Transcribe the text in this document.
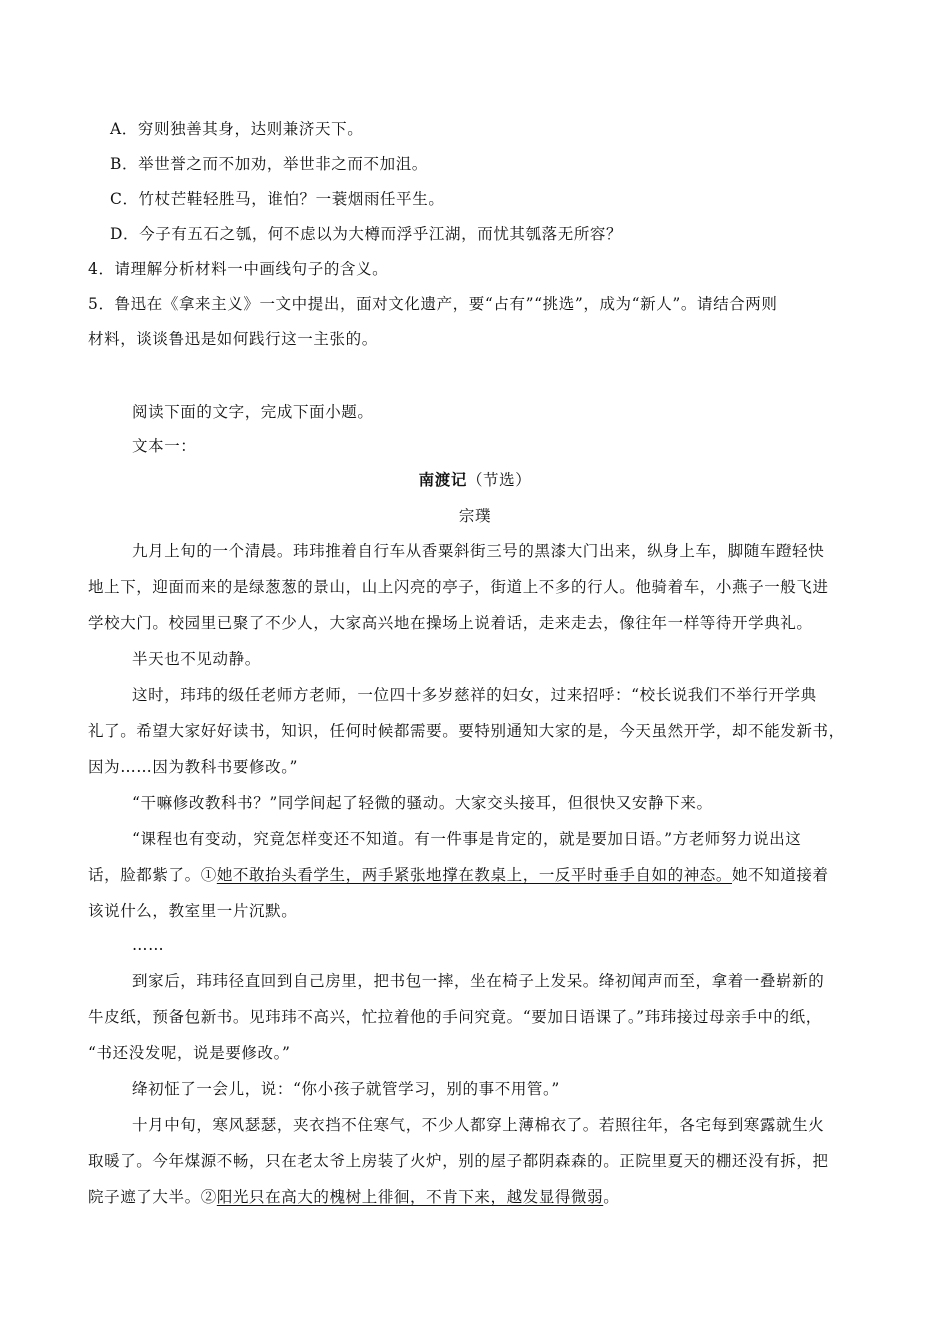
A．穷则独善其身，达则兼济天下。
B．举世誉之而不加劝，举世非之而不加沮。
C．竹杖芒鞋轻胜马，谁怕？一蓑烟雨任平生。
D．今子有五石之瓠，何不虑以为大樽而浮乎江湖，而忧其瓠落无所容？
4．请理解分析材料一中画线句子的含义。
5．鲁迅在《拿来主义》一文中提出，面对文化遗产，要“占有”“挑选”，成为“新人”。请结合两则
材料，谈谈鲁迅是如何践行这一主张的。
阅读下面的文字，完成下面小题。
文本一：
南渡记（节选）
宗璞
九月上旬的一个清晨。玮玮推着自行车从香粟斜街三号的黑漆大门出来，纵身上车，脚随车蹬轻快
地上下，迎面而来的是绿葱葱的景山，山上闪亮的亭子，街道上不多的行人。他骑着车，小燕子一般飞进
学校大门。校园里已聚了不少人，大家高兴地在操场上说着话，走来走去，像往年一样等待开学典礼。
半天也不见动静。
这时，玮玮的级任老师方老师，一位四十多岁慈祥的妇女，过来招呼：“校长说我们不举行开学典
礼了。希望大家好好读书，知识，任何时候都需要。要特别通知大家的是，今天虽然开学，却不能发新书，
因为……因为教科书要修改。”
“干嘛修改教科书？”同学间起了轻微的骚动。大家交头接耳，但很快又安静下来。
“课程也有变动，究竟怎样变还不知道。有一件事是肯定的，就是要加日语。”方老师努力说出这
话，脸都紫了。①她不敢抬头看学生，两手紧张地撑在教桌上，一反平时垂手自如的神态。她不知道接着
该说什么，教室里一片沉默。
……
到家后，玮玮径直回到自己房里，把书包一摔，坐在椅子上发呆。绛初闻声而至，拿着一叠崭新的
牛皮纸，预备包新书。见玮玮不高兴，忙拉着他的手问究竟。“要加日语课了。”玮玮接过母亲手中的纸，
“书还没发呢，说是要修改。”
绛初怔了一会儿，说：“你小孩子就管学习，别的事不用管。”
十月中旬，寒风瑟瑟，夹衣挡不住寒气，不少人都穿上薄棉衣了。若照往年，各宅每到寒露就生火
取暖了。今年煤源不畅，只在老太爷上房装了火炉，别的屋子都阴森森的。正院里夏天的棚还没有拆，把
院子遮了大半。②阳光只在高大的槐树上徘徊，不肯下来，越发显得微弱。
